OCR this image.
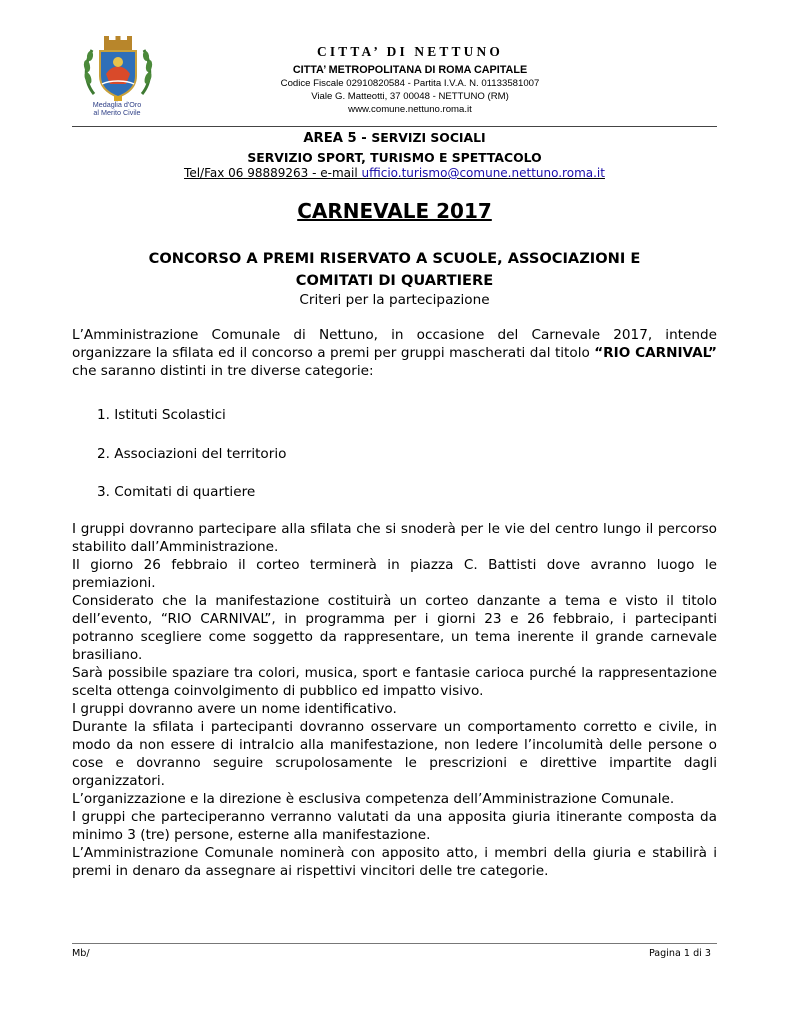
Medaglia d'Oro
al Merito Civile
CITTA’ DI NETTUNO
CITTA’ METROPOLITANA DI ROMA CAPITALE
Codice Fiscale 02910820584 - Partita I.V.A. N. 01133581007
Viale G. Matteotti, 37 00048 - NETTUNO (RM)
www.comune.nettuno.roma.it
AREA 5 - SERVIZI SOCIALI
SERVIZIO SPORT, TURISMO E SPETTACOLO
Tel/Fax 06 98889263 - e-mail ufficio.turismo@comune.nettuno.roma.it
CARNEVALE 2017
CONCORSO A PREMI RISERVATO A SCUOLE, ASSOCIAZIONI E
COMITATI DI QUARTIERE
Criteri per la partecipazione
L’Amministrazione Comunale di Nettuno, in occasione del Carnevale 2017, intende organizzare la sfilata ed il concorso a premi per gruppi mascherati dal titolo “RIO CARNIVAL” che saranno distinti in tre diverse categorie:
1. Istituti Scolastici
2. Associazioni del territorio
3. Comitati di quartiere

I gruppi dovranno partecipare alla sfilata che si snoderà per le vie del centro lungo il percorso stabilito dall’Amministrazione.

Il giorno 26 febbraio il corteo terminerà in piazza C. Battisti dove avranno luogo le premiazioni.

Considerato che la manifestazione costituirà un corteo danzante a tema e visto il titolo dell’evento, “RIO CARNIVAL”, in programma per i giorni 23 e 26 febbraio, i partecipanti potranno scegliere come soggetto da rappresentare, un tema inerente il grande carnevale brasiliano.

Sarà possibile spaziare tra colori, musica, sport e fantasie carioca purché la rappresentazione scelta ottenga coinvolgimento di pubblico ed impatto visivo.

I gruppi dovranno avere un nome identificativo.

Durante la sfilata i partecipanti dovranno osservare un comportamento corretto e civile, in modo da non essere di intralcio alla manifestazione, non ledere l’incolumità delle persone o cose e dovranno seguire scrupolosamente le prescrizioni e direttive impartite dagli organizzatori.

L’organizzazione e la direzione è esclusiva competenza dell’Amministrazione Comunale.

I gruppi che parteciperanno verranno valutati da una apposita giuria itinerante composta da minimo 3 (tre) persone, esterne alla manifestazione.

L’Amministrazione Comunale nominerà con apposito atto, i membri della giuria e stabilirà i premi in denaro da assegnare ai rispettivi vincitori delle tre categorie.

Mb/	Pagina 1 di 3
